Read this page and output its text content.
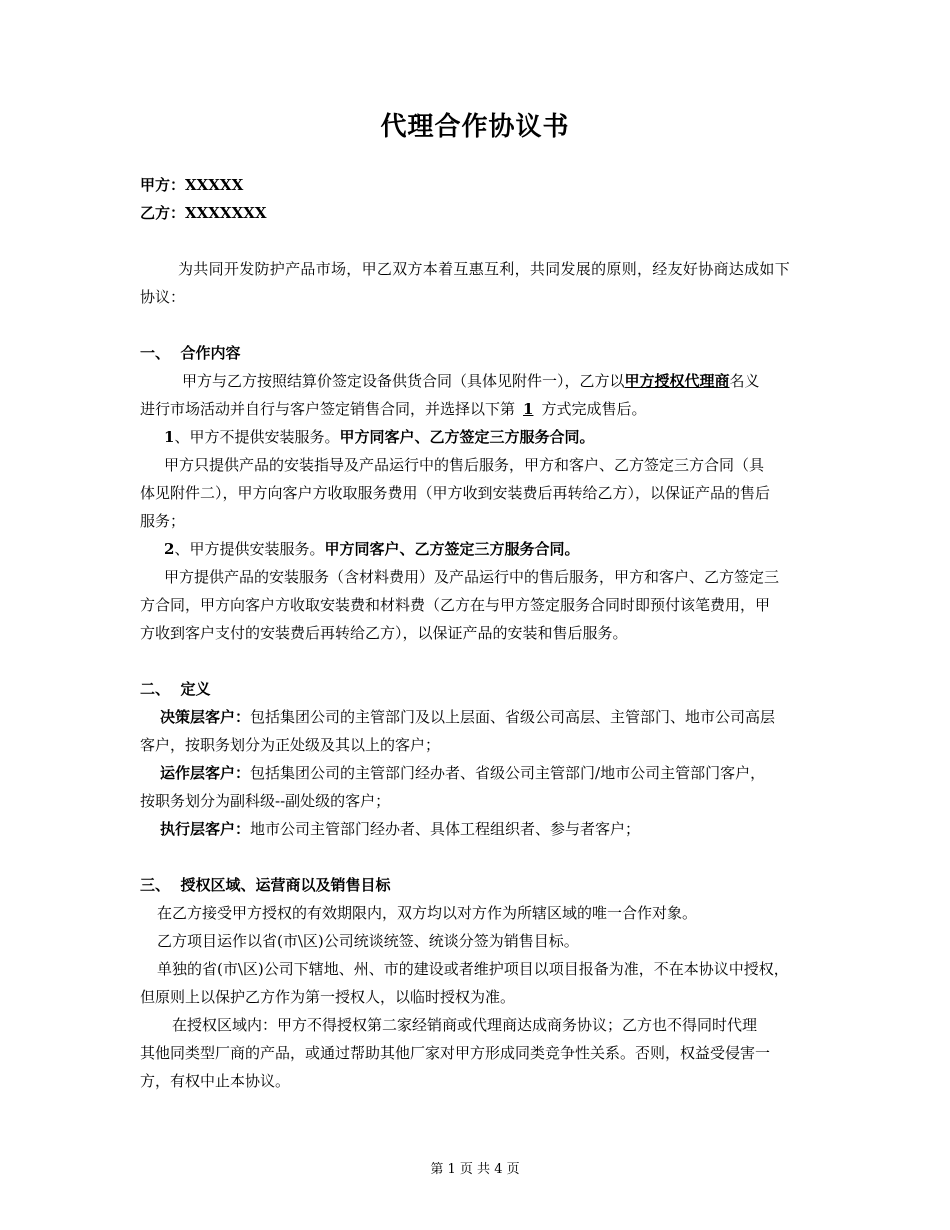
代理合作协议书
甲方：XXXXX
乙方：XXXXXXX
为共同开发防护产品市场，甲乙双方本着互惠互利，共同发展的原则，经友好协商达成如下
协议：
一、  合作内容
甲方与乙方按照结算价签定设备供货合同（具体见附件一），乙方以甲方授权代理商名义
进行市场活动并自行与客户签定销售合同，并选择以下第 1 方式完成售后。
1、甲方不提供安装服务。甲方同客户、乙方签定三方服务合同。
甲方只提供产品的安装指导及产品运行中的售后服务，甲方和客户、乙方签定三方合同（具
体见附件二），甲方向客户方收取服务费用（甲方收到安装费后再转给乙方），以保证产品的售后
服务；
2、甲方提供安装服务。甲方同客户、乙方签定三方服务合同。
甲方提供产品的安装服务（含材料费用）及产品运行中的售后服务，甲方和客户、乙方签定三
方合同，甲方向客户方收取安装费和材料费（乙方在与甲方签定服务合同时即预付该笔费用，甲
方收到客户支付的安装费后再转给乙方），以保证产品的安装和售后服务。
二、  定义
决策层客户：包括集团公司的主管部门及以上层面、省级公司高层、主管部门、地市公司高层
客户，按职务划分为正处级及其以上的客户；
运作层客户：包括集团公司的主管部门经办者、省级公司主管部门/地市公司主管部门客户，
按职务划分为副科级--副处级的客户；
执行层客户：地市公司主管部门经办者、具体工程组织者、参与者客户；
三、  授权区域、运营商以及销售目标
在乙方接受甲方授权的有效期限内，双方均以对方作为所辖区域的唯一合作对象。
乙方项目运作以省(市\区)公司统谈统签、统谈分签为销售目标。
单独的省(市\区)公司下辖地、州、市的建设或者维护项目以项目报备为准，不在本协议中授权，
但原则上以保护乙方作为第一授权人，以临时授权为准。
在授权区域内：甲方不得授权第二家经销商或代理商达成商务协议；乙方也不得同时代理
其他同类型厂商的产品，或通过帮助其他厂家对甲方形成同类竞争性关系。否则，权益受侵害一
方，有权中止本协议。
第 1 页 共 4 页
